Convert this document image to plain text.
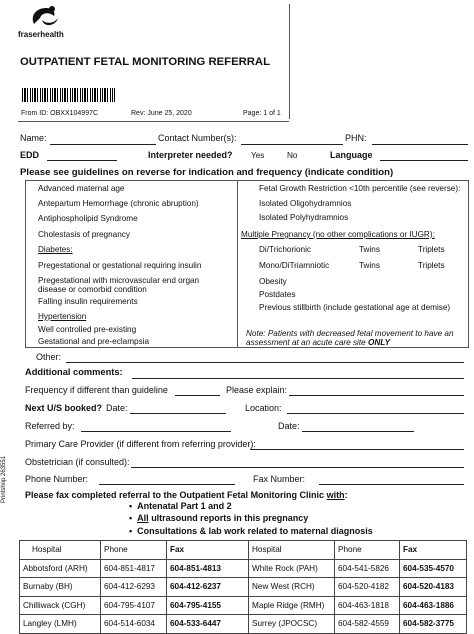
fraserhealth
OUTPATIENT FETAL MONITORING REFERRAL
From ID: OBXX104997C	Rev: June 25, 2020	Page: 1 of 1
Name:	Contact Number(s):	PHN:
EDD	Interpreter needed? Yes	No	Language
Please see guidelines on reverse for indication and frequency (indicate condition)
Advanced maternal age
Antepartum Hemorrhage (chronic abruption)
Antiphospholipid Syndrome
Cholestasis of pregnancy
Diabetes:
Pregestational or gestational requiring insulin
Pregestational with microvascular end organ
disease or comorbid condition
Falling insulin requirements
Hypertension
Well controlled pre-existing
Gestational and pre-eclampsia
Fetal Growth Restriction <10th percentile (see reverse):
Isolated Oligohydramnios
Isolated Polyhydramnios
Multiple Pregnancy (no other complications or IUGR):
Di/Trichorionic	Twins	Triplets
Mono/DiTriamniotic	Twins	Triplets
Obesity
Postdates
Previous stillbirth (include gestational age at demise)
Note: Patients with decreased fetal movement to have an
assessment at an acute care site ONLY
Other:
Additional comments:
Frequency if different than guideline	Please explain:
Next U/S booked? Date:	Location:
Referred by:	Date:
Primary Care Provider (if different from referring provider):
Obstetrician (if consulted):
Phone Number:	Fax Number:
Please fax completed referral to the Outpatient Fetal Monitoring Clinic with:
•  Antenatal Part 1 and 2
•  All ultrasound reports in this pregnancy
•  Consultations & lab work related to maternal diagnosis
Printshop 263551
Hospital	Phone	Fax	Hospital	Phone	Fax
Abbotsford (ARH)	604-851-4817	604-851-4813	White Rock (PAH)	604-541-5826	604-535-4570
Burnaby (BH)	604-412-6293	604-412-6237	New West (RCH)	604-520-4182	604-520-4183
Chilliwack (CGH)	604-795-4107	604-795-4155	Maple Ridge (RMH)	604-463-1818	604-463-1886
Langley (LMH)	604-514-6034	604-533-6447	Surrey (JPOCSC)	604-582-4559	604-582-3775
